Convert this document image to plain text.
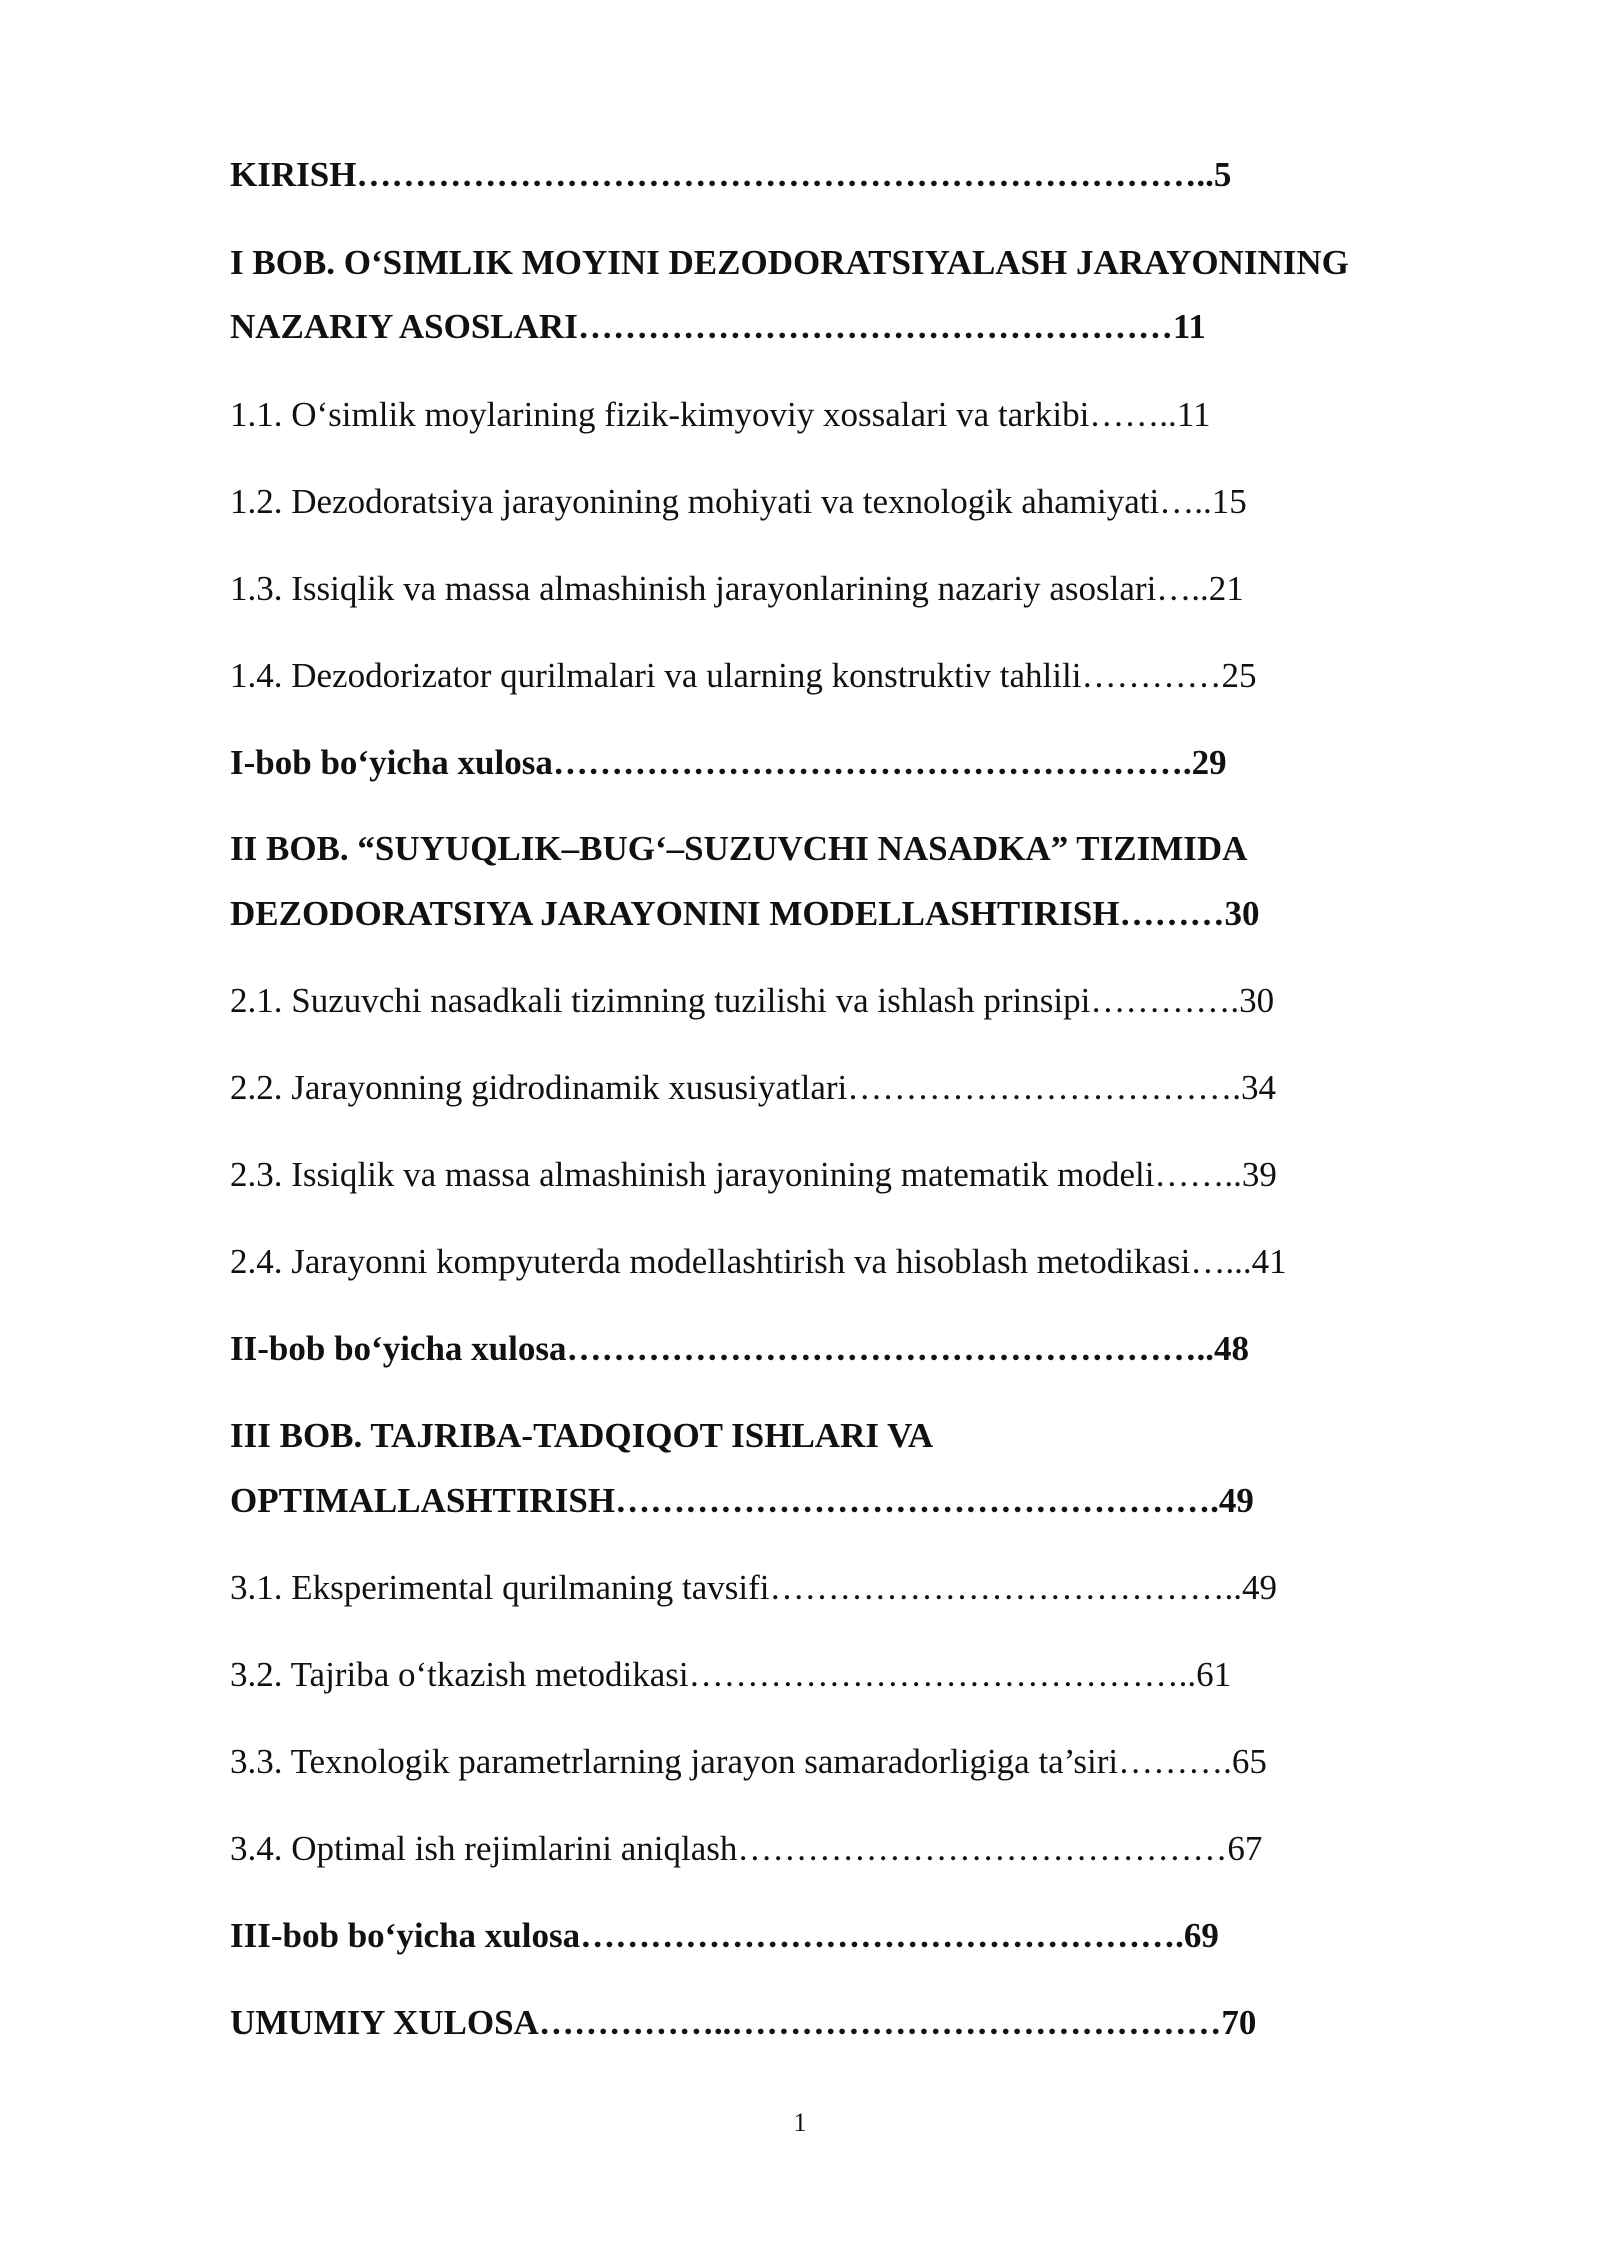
KIRISH………………………………………………………………..5
I BOB. O‘SIMLIK MOYINI DEZODORATSIYALASH JARAYONINING
NAZARIY ASOSLARI……………………………………………11
1.1. O‘simlik moylarining fizik-kimyoviy xossalari va tarkibi……..11
1.2. Dezodoratsiya jarayonining mohiyati va texnologik ahamiyati…..15
1.3. Issiqlik va massa almashinish jarayonlarining nazariy asoslari…..21
1.4. Dezodorizator qurilmalari va ularning konstruktiv tahlili…………25
I-bob bo‘yicha xulosa……………………………………………….29
II BOB. “SUYUQLIK–BUG‘–SUZUVCHI NASADKA” TIZIMIDA
DEZODORATSIYA JARAYONINI MODELLASHTIRISH………30
2.1. Suzuvchi nasadkali tizimning tuzilishi va ishlash prinsipi………….30
2.2. Jarayonning gidrodinamik xususiyatlari…………………………….34
2.3. Issiqlik va massa almashinish jarayonining matematik modeli……..39
2.4. Jarayonni kompyuterda modellashtirish va hisoblash metodikasi…...41
II-bob bo‘yicha xulosa………………………………………………..48
III BOB. TAJRIBA-TADQIQOT ISHLARI VA
OPTIMALLASHTIRISH…………………………………………….49
3.1. Eksperimental qurilmaning tavsifi…………………………………..49
3.2. Tajriba o‘tkazish metodikasi……………………………………..61
3.3. Texnologik parametrlarning jarayon samaradorligiga ta’siri……….65
3.4. Optimal ish rejimlarini aniqlash……………………………………67
III-bob bo‘yicha xulosa…………………………………………….69
UMUMIY XULOSA……………..……………………………………70
1
